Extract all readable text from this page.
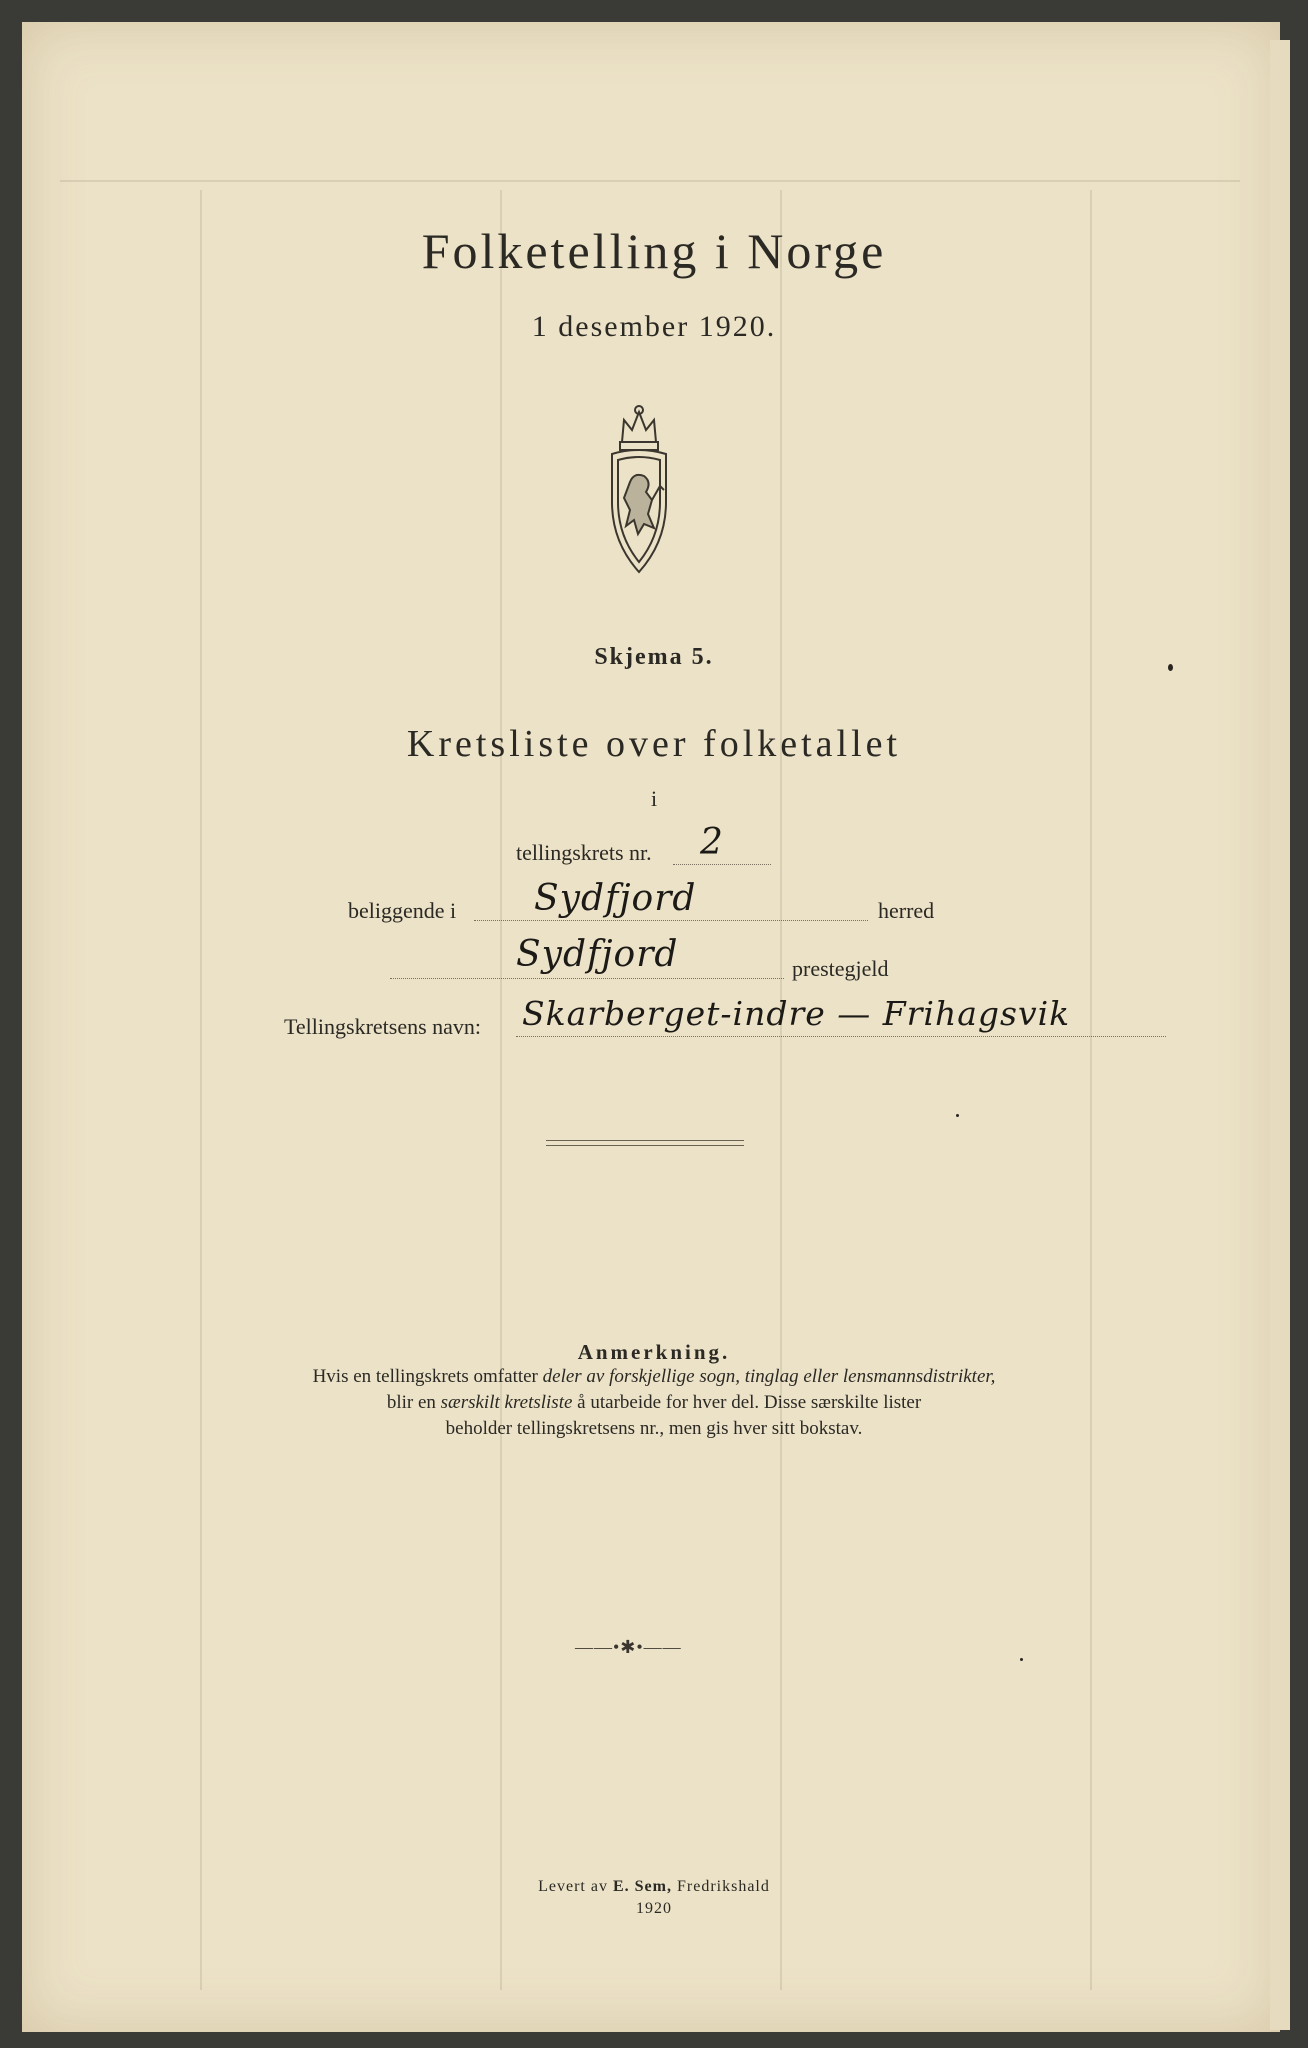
Folketelling i Norge
1 desember 1920.
Skjema 5.
Kretsliste over folketallet
i
tellingskrets nr. 2
beliggende i Sydfjord	herred
Sydfjord	prestegjeld
Tellingskretsens navn: Skarberget-indre — Frihagsvik
Anmerkning.
Hvis en tellingskrets omfatter deler av forskjellige sogn, tinglag eller lensmannsdistrikter,
blir en særskilt kretsliste å utarbeide for hver del. Disse særskilte lister
beholder tellingskretsens nr., men gis hver sitt bokstav.
——•✱•——
Levert av E. Sem, Fredrikshald
1920
